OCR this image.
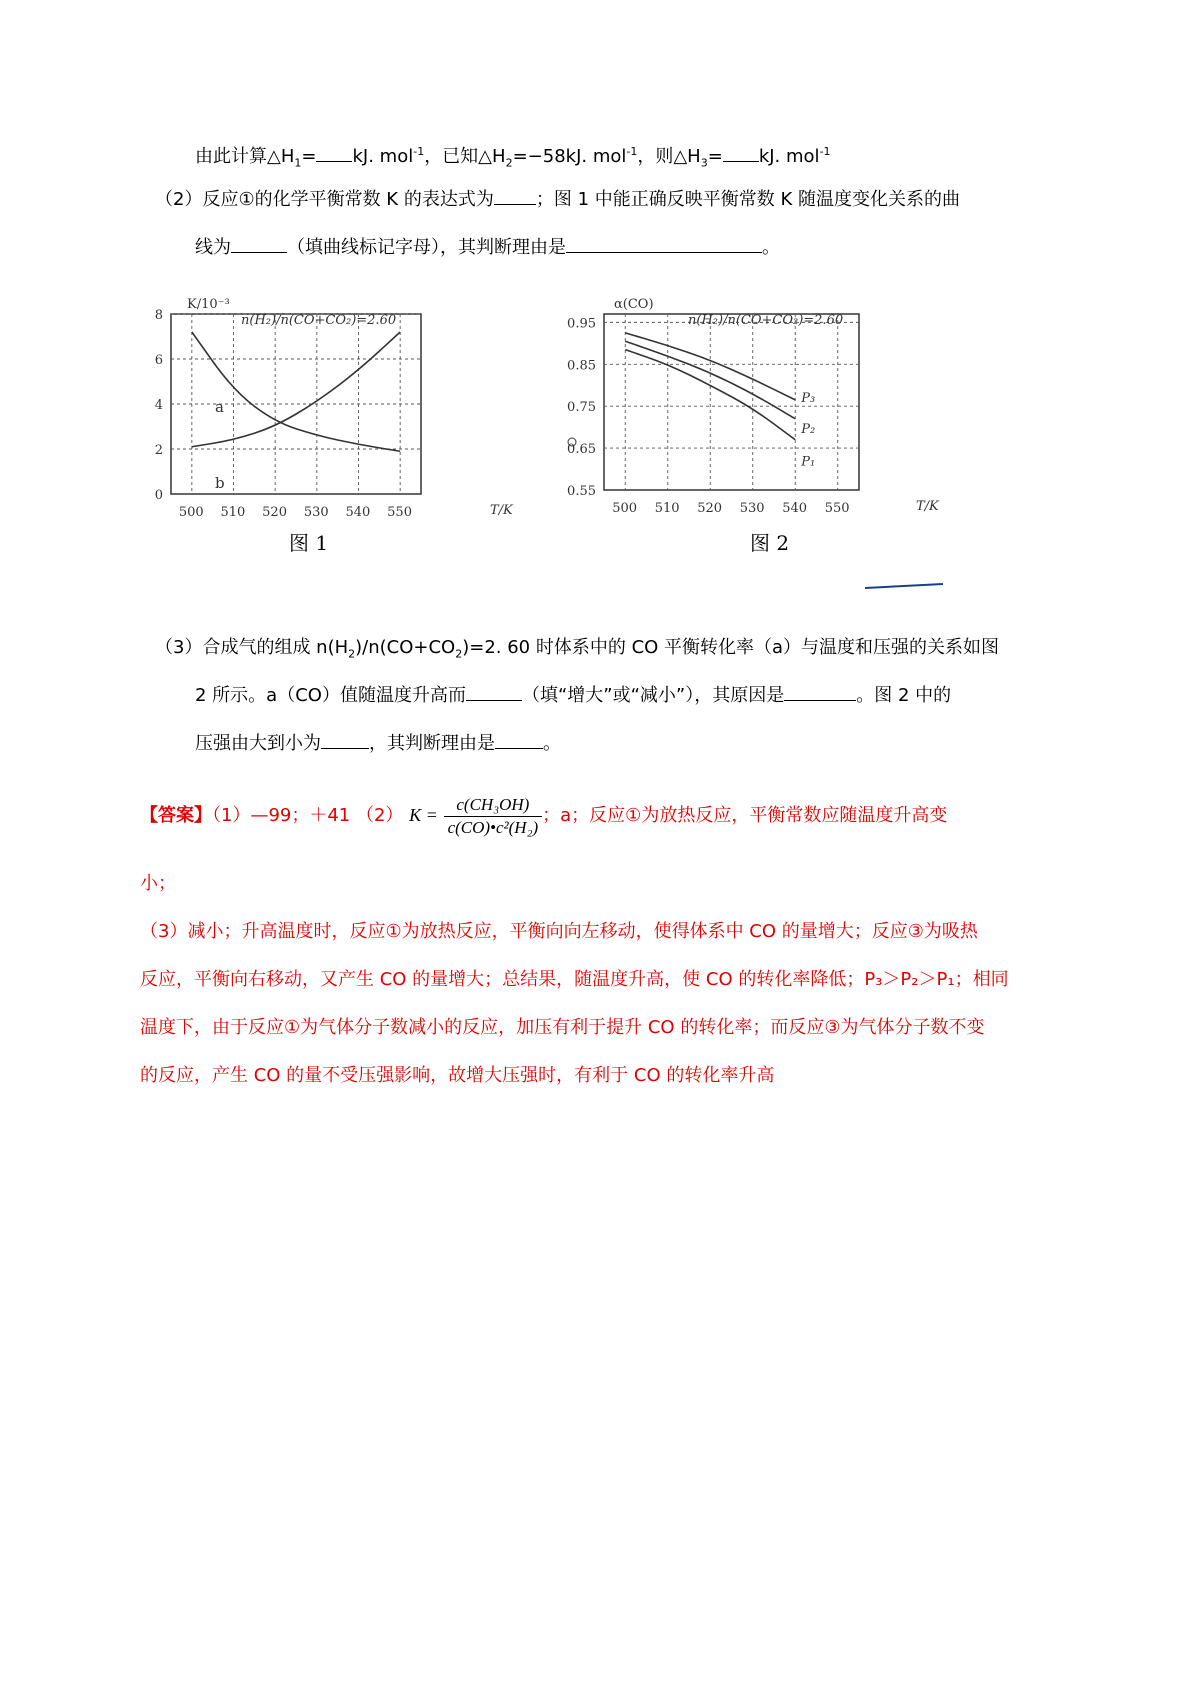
由此计算$\triangle H_1=$ kJ. mol$^{-1}$，已知$\triangle H_2=-58kJ$. mol$^{-1}$，则$\triangle H_3=$ kJ. mol$^{-1}$
（2）反应①的化学平衡常数 K 的表达式为 ；图 1 中能正确反映平衡常数 K 随温度变化关系的曲
线为	（填曲线标记字母），其判断理由是	。
500 510 520 530 540 550
0
2
4
6
8
K/10⁻³
n(H₂)/n(CO+CO₂)=2.60
T/K
a
b
图 1
500 510 520 530 540 550
0.55
0.65
0.75
0.85
0.95
P₃
P₂
P₁
α(CO)
n(H₂)/n(CO+CO₂)=2.60
T/K
图 2
（3）合成气的组成 $n(H_2)/n(CO+CO_2)=2$. 60 时体系中的 CO 平衡转化率（a）与温度和压强的关系如图
2 所示。a（CO）值随温度升高而	（填“增大”或“减小”），其原因是	。图 2 中的
压强由大到小为	，其判断理由是	。
【答案】（1）—99；＋41 （2） $K = \frac{\text{c(CH₃OH)}}{\text{c(CO)•c²(H₂)}}$ ；a；反应①为放热反应，平衡常数应随温度升高变
小；
（3）减小；升高温度时，反应①为放热反应，平衡向向左移动，使得体系中 CO 的量增大；反应③为吸热
反应，平衡向右移动，又产生 CO 的量增大；总结果，随温度升高，使 CO 的转化率降低；P₃＞P₂＞P₁；相同
温度下，由于反应①为气体分子数减小的反应，加压有利于提升 CO 的转化率；而反应③为气体分子数不变
的反应，产生 CO 的量不受压强影响，故增大压强时，有利于 CO 的转化率升高
